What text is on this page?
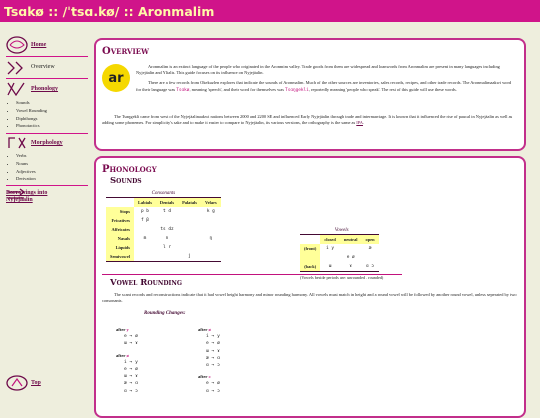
Tsɑkø :: /ˈtsɑ.kø/ :: Aronmalim
Home
Overview
Phonology
• Sounds
• Vowel Rounding
• Diphthongs
• Phonotactics
Morphology
• Verbs
• Nouns
• Adjectives
• Derivation
Borrowings into Nyjejäalin
Top
Overview
ar

Aronmalim is an extinct language of the people who originated in the Aronmim valley. Trade goods from them are widespread and loanwords from Aronmalim are present in many languages including Nyjejäalin and Ylialis. This guide focuses on its influence on Nyjejäalin.

There are a few records from Okekuzlen explores that indicate the sounds of Aronmalim. Much of the other sources are inventories, sales records, recipes, and other trade records. The Aronmalimaakwi word for their language was Tsɑkø, meaning 'speech', and their word for themselves was Tsɑŋgekli, reportedly meaning 'people who speak'. The rest of this guide will use these words.

The Tsɑŋgekli came from west of the Nyjejäalinaakwi nations between 2000 and 2200 SE and influenced Early Nyjejäalin through trade and intermarriage. It is known that it influenced the rise of paucal in Nyjejäalin as well as adding some phonemes. For simplicity's sake and to make it easier to compare to Nyjejäalin, its various versions, the orthography is the same as IPA.

Phonology
Sounds
Consonants
	Labials	Dentals	Palatals	Velars
Stops	p b	t d		k g
Fricatives	f β			
Affricates		ts dz		
Nasals	m	n		ŋ
Liquids		l r		
Semivowel			j	
Vowels
	closed	neutral	open
(front)	i y		æ
		e ø	
(back)	ɯ	ɤ	ɑ ɔ
(Vowels beside periods are: unrounded . rounded)
Vowel Rounding

The scant records and reconstructions indicate that it had vowel height harmony and minor rounding harmony. All vowels must match in height and a round vowel will be followed by another round vowel, unless seperated by two consonants.

Rounding Changes:
after y
e → ø
ɯ → ɤ
after ø
i → y
e → ø
ɯ → ɤ
æ → ɑ
ɑ → ɔ
after ø
i → y
e → ø
ɯ → ɤ
æ → ɑ
ɑ → ɔ
after ɔ
e → ø
ɑ → ɔ
